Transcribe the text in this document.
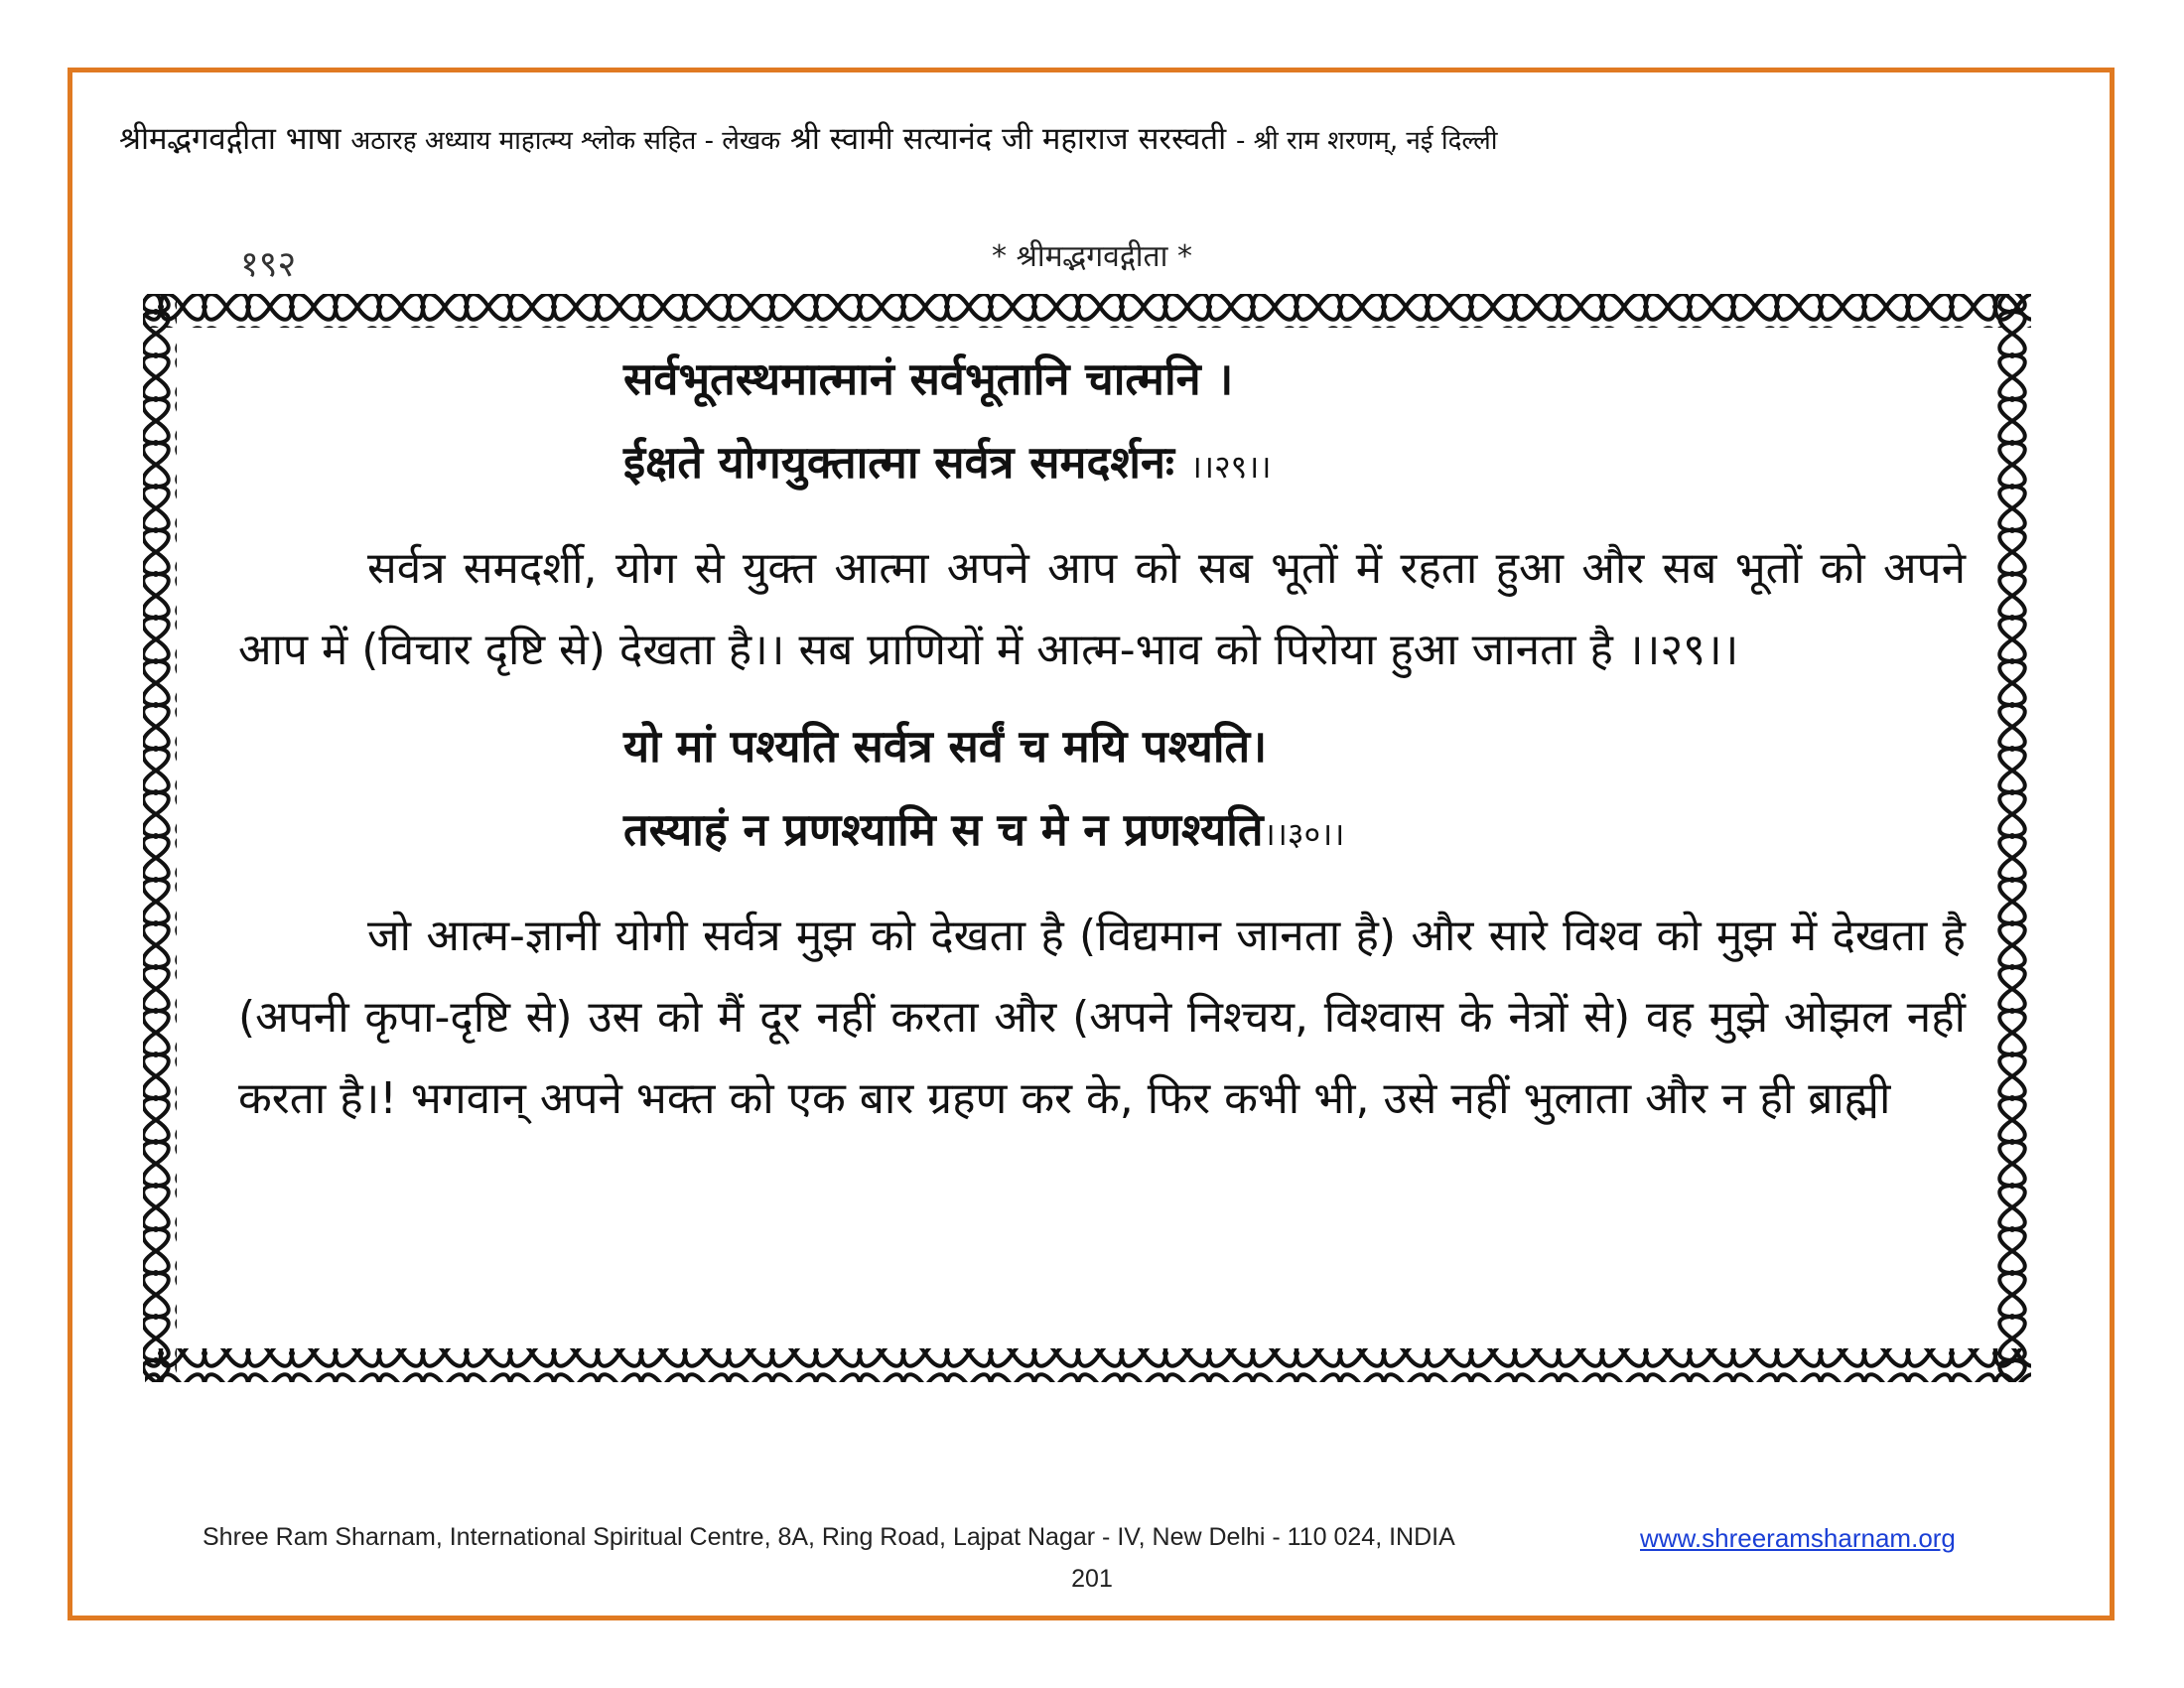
श्रीमद्भगवद्गीता भाषा अठारह अध्याय माहात्म्य श्लोक सहित - लेखक श्री स्वामी सत्यानंद जी महाराज सरस्वती - श्री राम शरणम्, नई दिल्ली
१९२	* श्रीमद्भगवद्गीता *
सर्वभूतस्थमात्मानं सर्वभूतानि चात्मनि ।
ईक्षते योगयुक्तात्मा सर्वत्र समदर्शनः ।।२९।।
सर्वत्र समदर्शी, योग से युक्त आत्मा अपने आप को सब भूतों में रहता हुआ और सब भूतों को अपने आप में (विचार दृष्टि से) देखता है।। सब प्राणियों में आत्म-भाव को पिरोया हुआ जानता है ।।२९।।
यो मां पश्यति सर्वत्र सर्वं च मयि पश्यति।
तस्याहं न प्रणश्यामि स च मे न प्रणश्यति।।३०।।
जो आत्म-ज्ञानी योगी सर्वत्र मुझ को देखता है (विद्यमान जानता है) और सारे विश्व को मुझ में देखता है (अपनी कृपा-दृष्टि से) उस को मैं दूर नहीं करता और (अपने निश्चय, विश्वास के नेत्रों से) वह मुझे ओझल नहीं करता है।! भगवान् अपने भक्त को एक बार ग्रहण कर के, फिर कभी भी, उसे नहीं भुलाता और न ही ब्राह्मी
Shree Ram Sharnam, International Spiritual Centre, 8A, Ring Road, Lajpat Nagar - IV, New Delhi - 110 024, INDIA	www.shreeramsharnam.org
201
